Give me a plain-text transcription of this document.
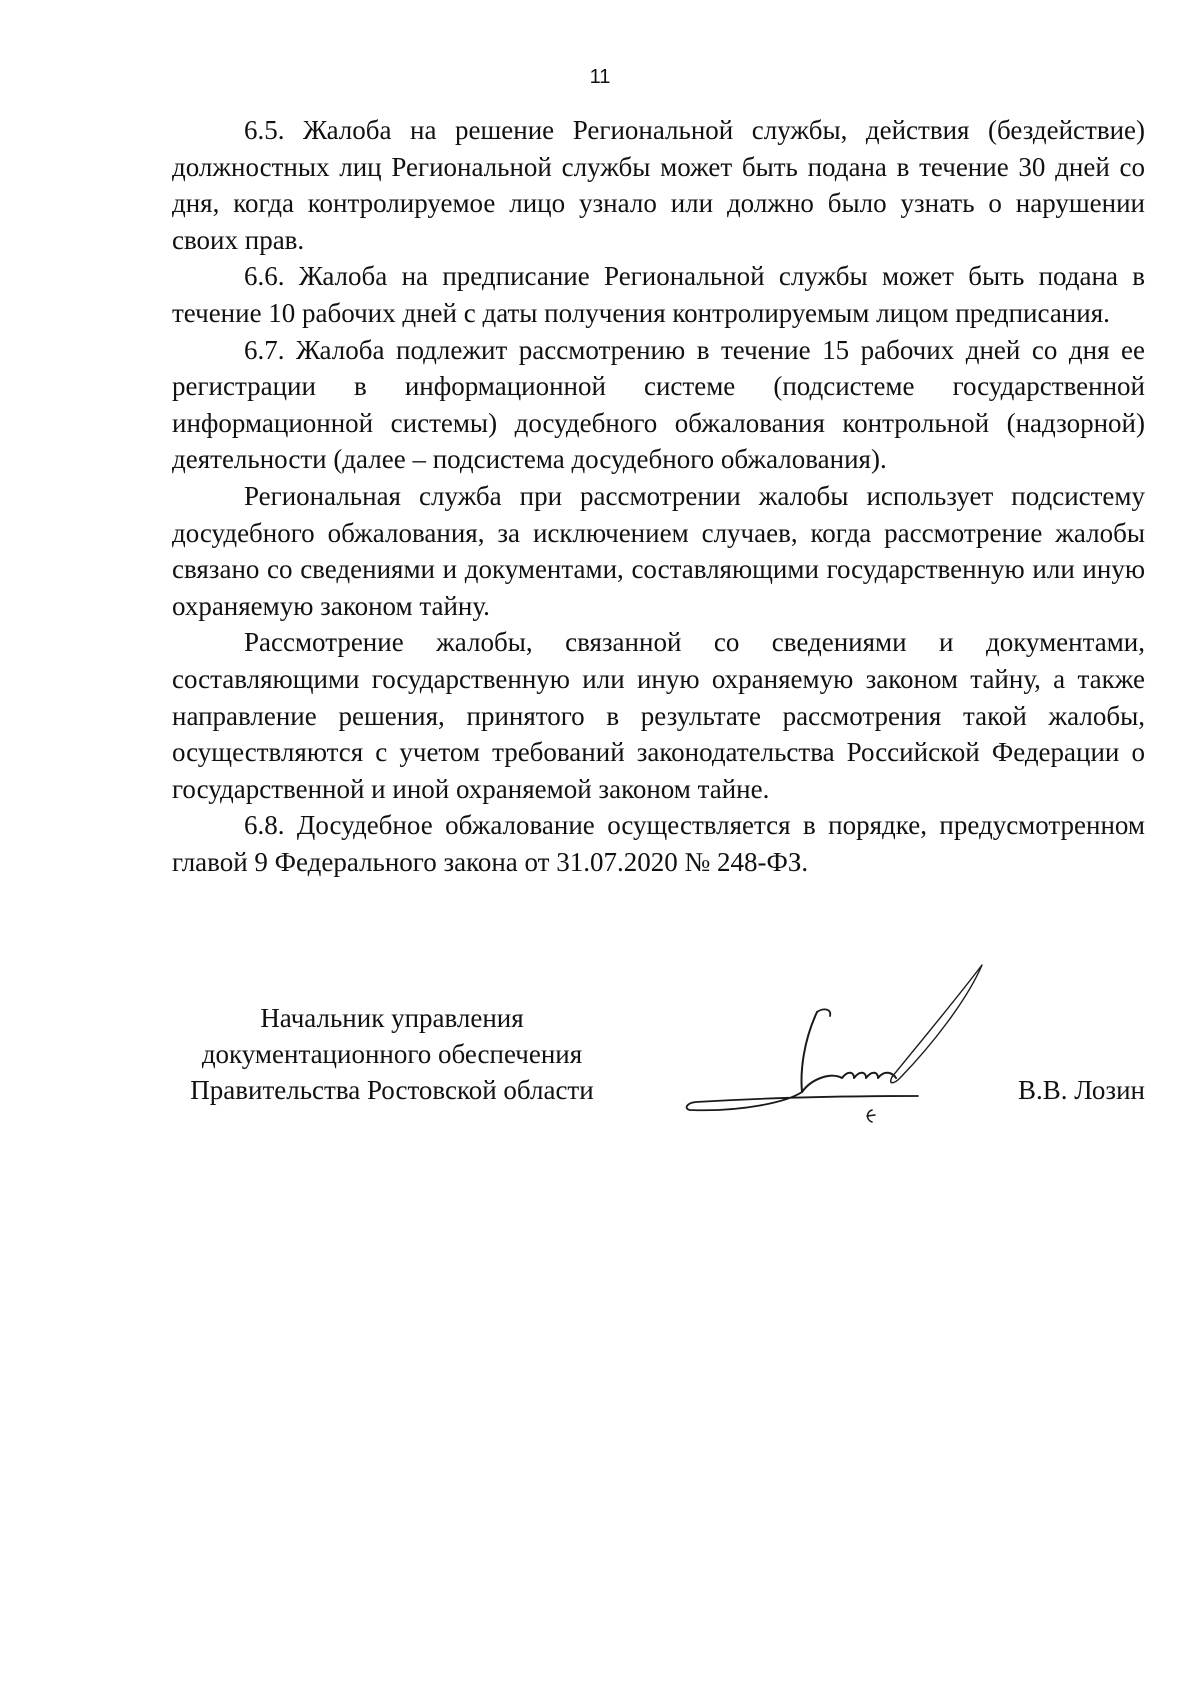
11

6.5. Жалоба на решение Региональной службы, действия (бездействие) должностных лиц Региональной службы может быть подана в течение 30 дней со дня, когда контролируемое лицо узнало или должно было узнать о нарушении своих прав.

6.6. Жалоба на предписание Региональной службы может быть подана в течение 10 рабочих дней с даты получения контролируемым лицом предписания.

6.7. Жалоба подлежит рассмотрению в течение 15 рабочих дней со дня ее регистрации в информационной системе (подсистеме государственной информационной системы) досудебного обжалования контрольной (надзорной) деятельности (далее – подсистема досудебного обжалования).

Региональная служба при рассмотрении жалобы использует подсистему досудебного обжалования, за исключением случаев, когда рассмотрение жалобы связано со сведениями и документами, составляющими государственную или иную охраняемую законом тайну.

Рассмотрение жалобы, связанной со сведениями и документами, составляющими государственную или иную охраняемую законом тайну, а также направление решения, принятого в результате рассмотрения такой жалобы, осуществляются с учетом требований законодательства Российской Федерации о государственной и иной охраняемой законом тайне.

6.8. Досудебное обжалование осуществляется в порядке, предусмотренном главой 9 Федерального закона от 31.07.2020 № 248-ФЗ.

Начальник управления
документационного обеспечения
Правительства Ростовской области	В.В. Лозин
